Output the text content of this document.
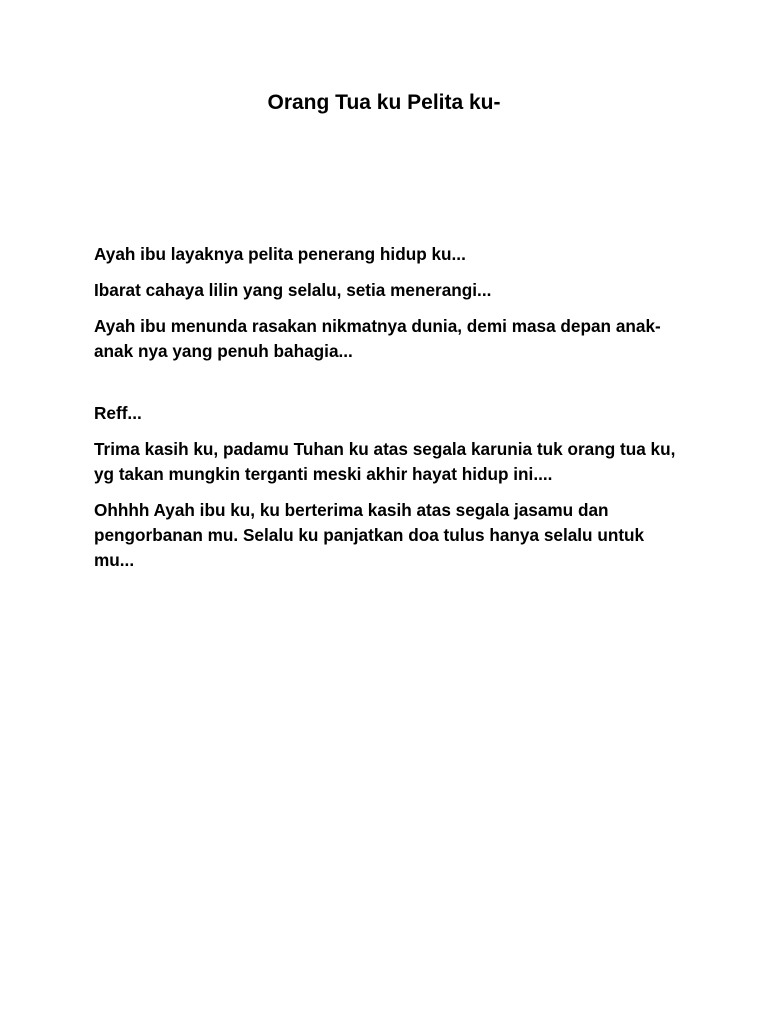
Orang Tua ku Pelita ku-

Ayah ibu layaknya pelita penerang hidup ku...

Ibarat cahaya lilin yang selalu, setia menerangi...

Ayah ibu menunda rasakan nikmatnya dunia, demi masa depan anak-anak nya yang penuh bahagia...

Reff...

Trima kasih ku, padamu Tuhan ku atas segala karunia tuk orang tua ku, yg takan mungkin terganti meski akhir hayat hidup ini....

Ohhhh Ayah ibu ku, ku berterima kasih atas segala jasamu dan pengorbanan mu. Selalu ku panjatkan doa tulus hanya selalu untuk mu...
